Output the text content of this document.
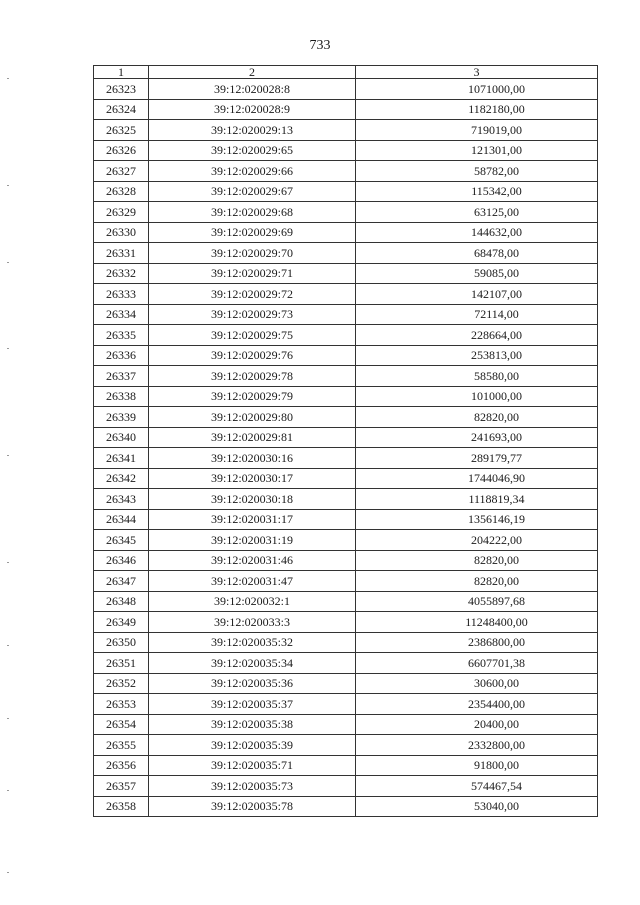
733
1	2	3
26323	39:12:020028:8	1071000,00
26324	39:12:020028:9	1182180,00
26325	39:12:020029:13	719019,00
26326	39:12:020029:65	121301,00
26327	39:12:020029:66	58782,00
26328	39:12:020029:67	115342,00
26329	39:12:020029:68	63125,00
26330	39:12:020029:69	144632,00
26331	39:12:020029:70	68478,00
26332	39:12:020029:71	59085,00
26333	39:12:020029:72	142107,00
26334	39:12:020029:73	72114,00
26335	39:12:020029:75	228664,00
26336	39:12:020029:76	253813,00
26337	39:12:020029:78	58580,00
26338	39:12:020029:79	101000,00
26339	39:12:020029:80	82820,00
26340	39:12:020029:81	241693,00
26341	39:12:020030:16	289179,77
26342	39:12:020030:17	1744046,90
26343	39:12:020030:18	1118819,34
26344	39:12:020031:17	1356146,19
26345	39:12:020031:19	204222,00
26346	39:12:020031:46	82820,00
26347	39:12:020031:47	82820,00
26348	39:12:020032:1	4055897,68
26349	39:12:020033:3	11248400,00
26350	39:12:020035:32	2386800,00
26351	39:12:020035:34	6607701,38
26352	39:12:020035:36	30600,00
26353	39:12:020035:37	2354400,00
26354	39:12:020035:38	20400,00
26355	39:12:020035:39	2332800,00
26356	39:12:020035:71	91800,00
26357	39:12:020035:73	574467,54
26358	39:12:020035:78	53040,00
